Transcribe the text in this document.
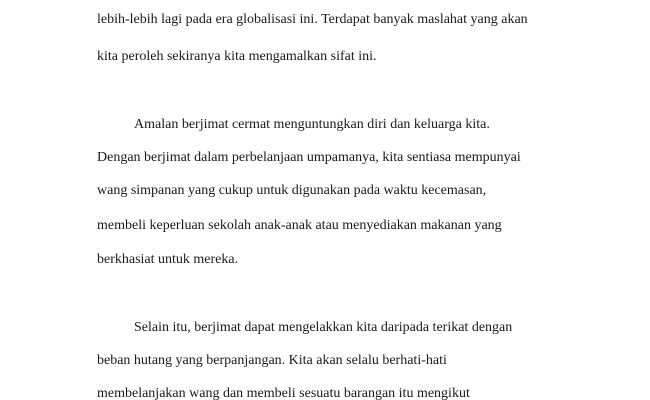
lebih-lebih lagi pada era globalisasi ini. Terdapat banyak maslahat yang akan
kita peroleh sekiranya kita mengamalkan sifat ini.
Amalan berjimat cermat menguntungkan diri dan keluarga kita.
Dengan berjimat dalam perbelanjaan umpamanya, kita sentiasa mempunyai
wang simpanan yang cukup untuk digunakan pada waktu kecemasan,
membeli keperluan sekolah anak-anak atau menyediakan makanan yang
berkhasiat untuk mereka.
Selain itu, berjimat dapat mengelakkan kita daripada terikat dengan
beban hutang yang berpanjangan. Kita akan selalu berhati-hati
membelanjakan wang dan membeli sesuatu barangan itu mengikut
